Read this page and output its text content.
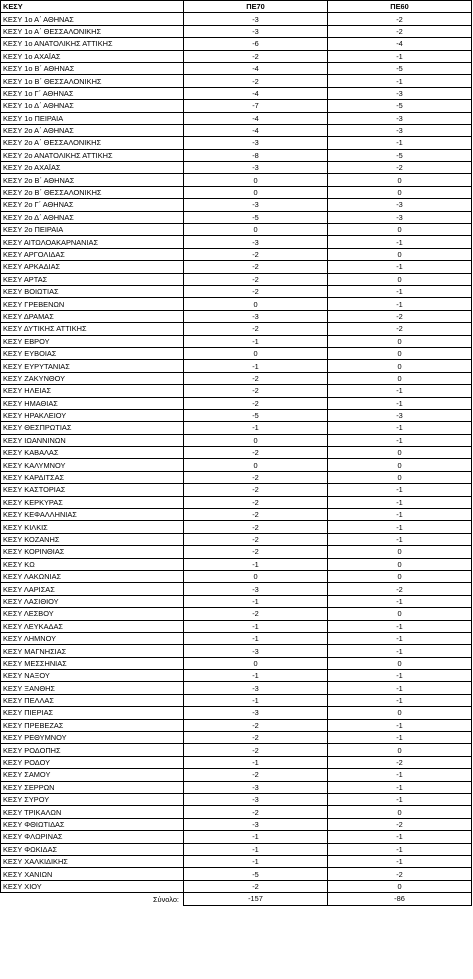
ΚΕΣΥ	ΠΕ70	ΠΕ60
ΚΕΣΥ 1ο Α΄ ΑΘΗΝΑΣ	-3	-2
ΚΕΣΥ 1ο Α΄ ΘΕΣΣΑΛΟΝΙΚΗΣ	-3	-2
ΚΕΣΥ 1ο ΑΝΑΤΟΛΙΚΗΣ ΑΤΤΙΚΗΣ	-6	-4
ΚΕΣΥ 1ο ΑΧΑΪΑΣ	-2	-1
ΚΕΣΥ 1ο Β΄ ΑΘΗΝΑΣ	-4	-5
ΚΕΣΥ 1ο Β΄ ΘΕΣΣΑΛΟΝΙΚΗΣ	-2	-1
ΚΕΣΥ 1ο Γ΄ ΑΘΗΝΑΣ	-4	-3
ΚΕΣΥ 1ο Δ΄ ΑΘΗΝΑΣ	-7	-5
ΚΕΣΥ 1ο ΠΕΙΡΑΙΑ	-4	-3
ΚΕΣΥ 2ο Α΄ ΑΘΗΝΑΣ	-4	-3
ΚΕΣΥ 2ο Α΄ ΘΕΣΣΑΛΟΝΙΚΗΣ	-3	-1
ΚΕΣΥ 2ο ΑΝΑΤΟΛΙΚΗΣ ΑΤΤΙΚΗΣ	-8	-5
ΚΕΣΥ 2ο ΑΧΑΪΑΣ	-3	-2
ΚΕΣΥ 2ο Β΄ ΑΘΗΝΑΣ	0	0
ΚΕΣΥ 2ο Β΄ ΘΕΣΣΑΛΟΝΙΚΗΣ	0	0
ΚΕΣΥ 2ο Γ΄ ΑΘΗΝΑΣ	-3	-3
ΚΕΣΥ 2ο Δ΄ ΑΘΗΝΑΣ	-5	-3
ΚΕΣΥ 2ο ΠΕΙΡΑΙΑ	0	0
ΚΕΣΥ ΑΙΤΩΛΟΑΚΑΡΝΑΝΙΑΣ	-3	-1
ΚΕΣΥ ΑΡΓΟΛΙΔΑΣ	-2	0
ΚΕΣΥ ΑΡΚΑΔΙΑΣ	-2	-1
ΚΕΣΥ ΑΡΤΑΣ	-2	0
ΚΕΣΥ ΒΟΙΩΤΙΑΣ	-2	-1
ΚΕΣΥ ΓΡΕΒΕΝΩΝ	0	-1
ΚΕΣΥ ΔΡΑΜΑΣ	-3	-2
ΚΕΣΥ ΔΥΤΙΚΗΣ ΑΤΤΙΚΗΣ	-2	-2
ΚΕΣΥ ΕΒΡΟΥ	-1	0
ΚΕΣΥ ΕΥΒΟΙΑΣ	0	0
ΚΕΣΥ ΕΥΡΥΤΑΝΙΑΣ	-1	0
ΚΕΣΥ ΖΑΚΥΝΘΟΥ	-2	0
ΚΕΣΥ ΗΛΕΙΑΣ	-2	-1
ΚΕΣΥ ΗΜΑΘΙΑΣ	-2	-1
ΚΕΣΥ ΗΡΑΚΛΕΙΟΥ	-5	-3
ΚΕΣΥ ΘΕΣΠΡΩΤΙΑΣ	-1	-1
ΚΕΣΥ ΙΩΑΝΝΙΝΩΝ	0	-1
ΚΕΣΥ ΚΑΒΑΛΑΣ	-2	0
ΚΕΣΥ ΚΑΛΥΜΝΟΥ	0	0
ΚΕΣΥ ΚΑΡΔΙΤΣΑΣ	-2	0
ΚΕΣΥ ΚΑΣΤΟΡΙΑΣ	-2	-1
ΚΕΣΥ ΚΕΡΚΥΡΑΣ	-2	-1
ΚΕΣΥ ΚΕΦΑΛΛΗΝΙΑΣ	-2	-1
ΚΕΣΥ ΚΙΛΚΙΣ	-2	-1
ΚΕΣΥ ΚΟΖΑΝΗΣ	-2	-1
ΚΕΣΥ ΚΟΡΙΝΘΙΑΣ	-2	0
ΚΕΣΥ ΚΩ	-1	0
ΚΕΣΥ ΛΑΚΩΝΙΑΣ	0	0
ΚΕΣΥ ΛΑΡΙΣΑΣ	-3	-2
ΚΕΣΥ ΛΑΣΙΘΙΟΥ	-1	-1
ΚΕΣΥ ΛΕΣΒΟΥ	-2	0
ΚΕΣΥ ΛΕΥΚΑΔΑΣ	-1	-1
ΚΕΣΥ ΛΗΜΝΟΥ	-1	-1
ΚΕΣΥ ΜΑΓΝΗΣΙΑΣ	-3	-1
ΚΕΣΥ ΜΕΣΣΗΝΙΑΣ	0	0
ΚΕΣΥ ΝΑΞΟΥ	-1	-1
ΚΕΣΥ ΞΑΝΘΗΣ	-3	-1
ΚΕΣΥ ΠΕΛΛΑΣ	-1	-1
ΚΕΣΥ ΠΙΕΡΙΑΣ	-3	0
ΚΕΣΥ ΠΡΕΒΕΖΑΣ	-2	-1
ΚΕΣΥ ΡΕΘΥΜΝΟΥ	-2	-1
ΚΕΣΥ ΡΟΔΟΠΗΣ	-2	0
ΚΕΣΥ ΡΟΔΟΥ	-1	-2
ΚΕΣΥ ΣΑΜΟΥ	-2	-1
ΚΕΣΥ ΣΕΡΡΩΝ	-3	-1
ΚΕΣΥ ΣΥΡΟΥ	-3	-1
ΚΕΣΥ ΤΡΙΚΑΛΩΝ	-2	0
ΚΕΣΥ ΦΘΙΩΤΙΔΑΣ	-3	-2
ΚΕΣΥ ΦΛΩΡΙΝΑΣ	-1	-1
ΚΕΣΥ ΦΩΚΙΔΑΣ	-1	-1
ΚΕΣΥ ΧΑΛΚΙΔΙΚΗΣ	-1	-1
ΚΕΣΥ ΧΑΝΙΩΝ	-5	-2
ΚΕΣΥ ΧΙΟΥ	-2	0
Σύνολο:	-157	-86
